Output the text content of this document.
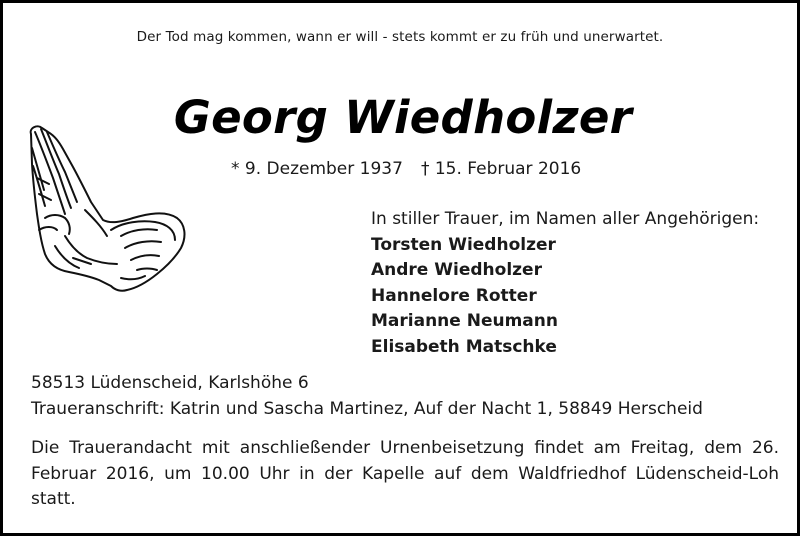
Der Tod mag kommen, wann er will - stets kommt er zu früh und unerwartet.
Georg Wiedholzer
* 9. Dezember 1937 † 15. Februar 2016
In stiller Trauer, im Namen aller Angehörigen:
Torsten Wiedholzer
Andre Wiedholzer
Hannelore Rotter
Marianne Neumann
Elisabeth Matschke
58513 Lüdenscheid, Karlshöhe 6
Traueranschrift: Katrin und Sascha Martinez, Auf der Nacht 1, 58849 Herscheid
Die Trauerandacht mit anschließender Urnenbeisetzung findet am Freitag, dem 26. Februar 2016, um 10.00 Uhr in der Kapelle auf dem Waldfriedhof Lüdenscheid-Loh statt.
